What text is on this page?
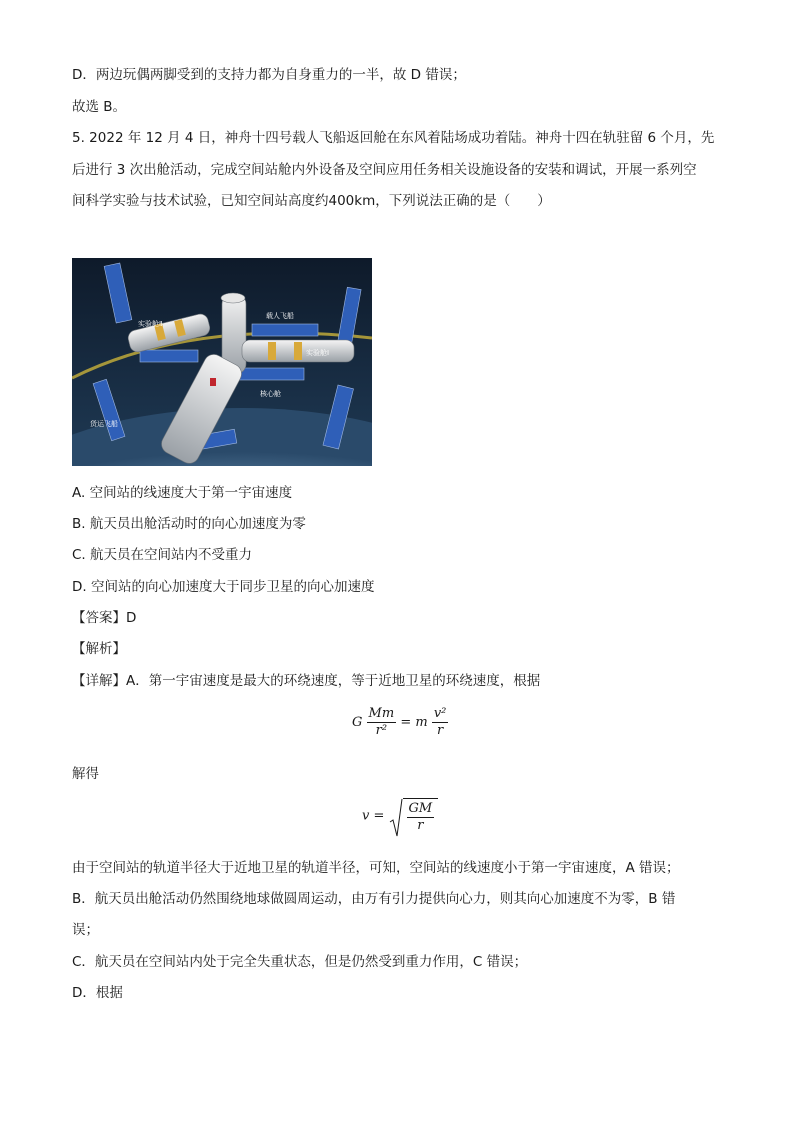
D．两边玩偶两脚受到的支持力都为自身重力的一半，故 D 错误；
故选 B。
5. 2022 年 12 月 4 日，神舟十四号载人飞船返回舱在东风着陆场成功着陆。神舟十四在轨驻留 6 个月，先
后进行 3 次出舱活动，完成空间站舱内外设备及空间应用任务相关设施设备的安装和调试，开展一系列空
间科学实验与技术试验，已知空间站高度约400km，下列说法正确的是（　　）
实验舱Ⅱ
载人飞船
实验舱Ⅰ
核心舱
货运飞船
A. 空间站的线速度大于第一宇宙速度
B. 航天员出舱活动时的向心加速度为零
C. 航天员在空间站内不受重力
D. 空间站的向心加速度大于同步卫星的向心加速度
【答案】D
【解析】
【详解】A．第一宇宙速度是最大的环绕速度，等于近地卫星的环绕速度，根据
G $\frac{Mm}{\text{r²}} = m \frac{\text{v²}}{r}$
解得
$v = \frac{GM}{r}$
由于空间站的轨道半径大于近地卫星的轨道半径，可知，空间站的线速度小于第一宇宙速度，A 错误；
B．航天员出舱活动仍然围绕地球做圆周运动，由万有引力提供向心力，则其向心加速度不为零，B 错
误；
C．航天员在空间站内处于完全失重状态，但是仍然受到重力作用，C 错误；
D．根据
